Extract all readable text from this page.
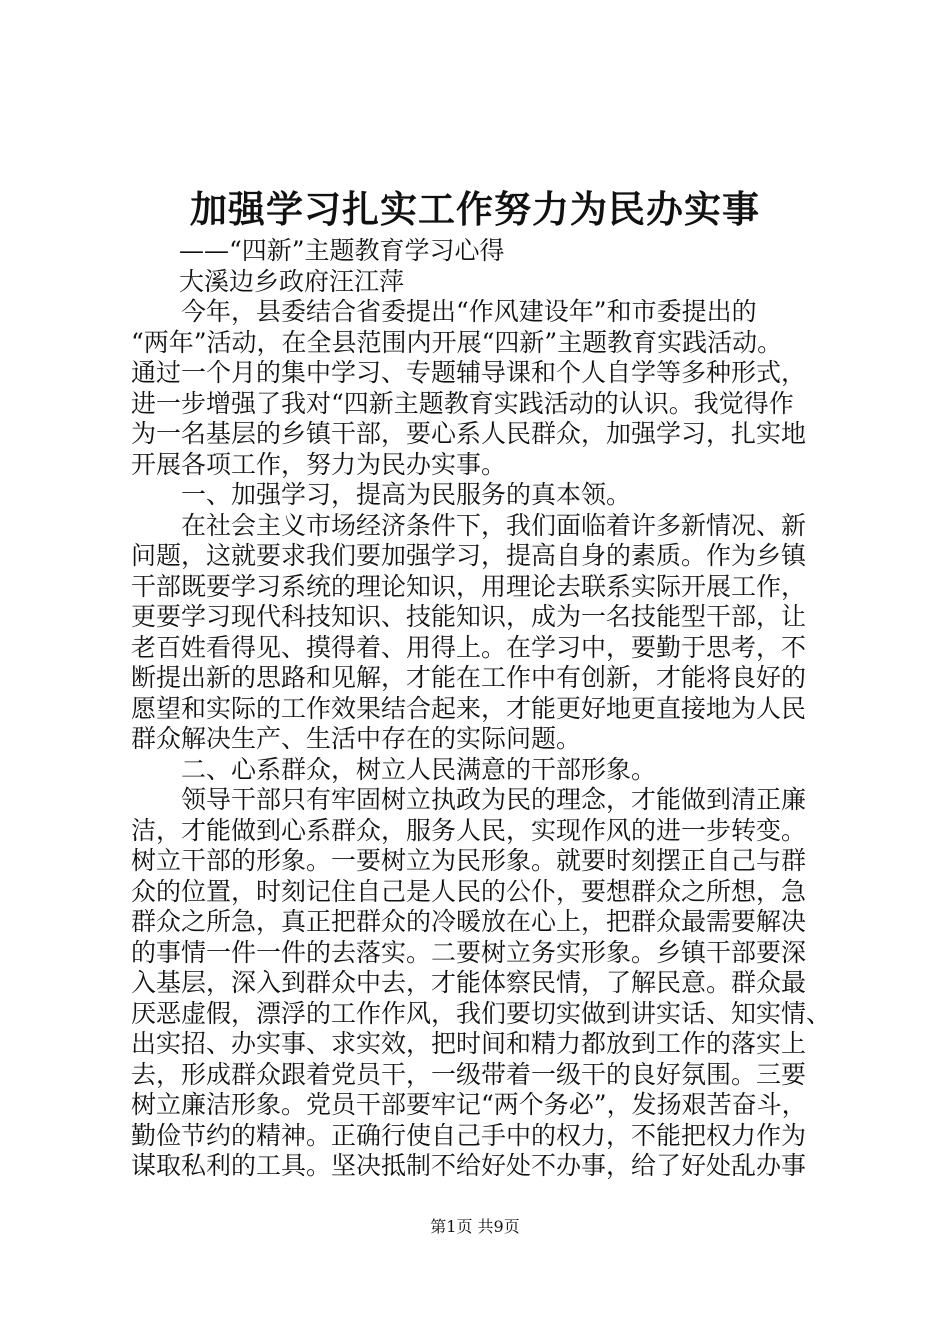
加强学习扎实工作努力为民办实事
——“四新”主题教育学习心得
大溪边乡政府汪江萍
今年，县委结合省委提出“作风建设年”和市委提出的
“两年”活动，在全县范围内开展“四新”主题教育实践活动。
通过一个月的集中学习、专题辅导课和个人自学等多种形式，
进一步增强了我对“四新主题教育实践活动的认识。我觉得作
为一名基层的乡镇干部，要心系人民群众，加强学习，扎实地
开展各项工作，努力为民办实事。
一、加强学习，提高为民服务的真本领。
在社会主义市场经济条件下，我们面临着许多新情况、新
问题，这就要求我们要加强学习，提高自身的素质。作为乡镇
干部既要学习系统的理论知识，用理论去联系实际开展工作，
更要学习现代科技知识、技能知识，成为一名技能型干部，让
老百姓看得见、摸得着、用得上。在学习中，要勤于思考，不
断提出新的思路和见解，才能在工作中有创新，才能将良好的
愿望和实际的工作效果结合起来，才能更好地更直接地为人民
群众解决生产、生活中存在的实际问题。
二、心系群众，树立人民满意的干部形象。
领导干部只有牢固树立执政为民的理念，才能做到清正廉
洁，才能做到心系群众，服务人民，实现作风的进一步转变。
树立干部的形象。一要树立为民形象。就要时刻摆正自己与群
众的位置，时刻记住自己是人民的公仆，要想群众之所想，急
群众之所急，真正把群众的冷暖放在心上，把群众最需要解决
的事情一件一件的去落实。二要树立务实形象。乡镇干部要深
入基层，深入到群众中去，才能体察民情，了解民意。群众最
厌恶虚假，漂浮的工作作风，我们要切实做到讲实话、知实情、
出实招、办实事、求实效，把时间和精力都放到工作的落实上
去，形成群众跟着党员干，一级带着一级干的良好氛围。三要
树立廉洁形象。党员干部要牢记“两个务必”，发扬艰苦奋斗，
勤俭节约的精神。正确行使自己手中的权力，不能把权力作为
谋取私利的工具。坚决抵制不给好处不办事，给了好处乱办事
第1页 共9页
